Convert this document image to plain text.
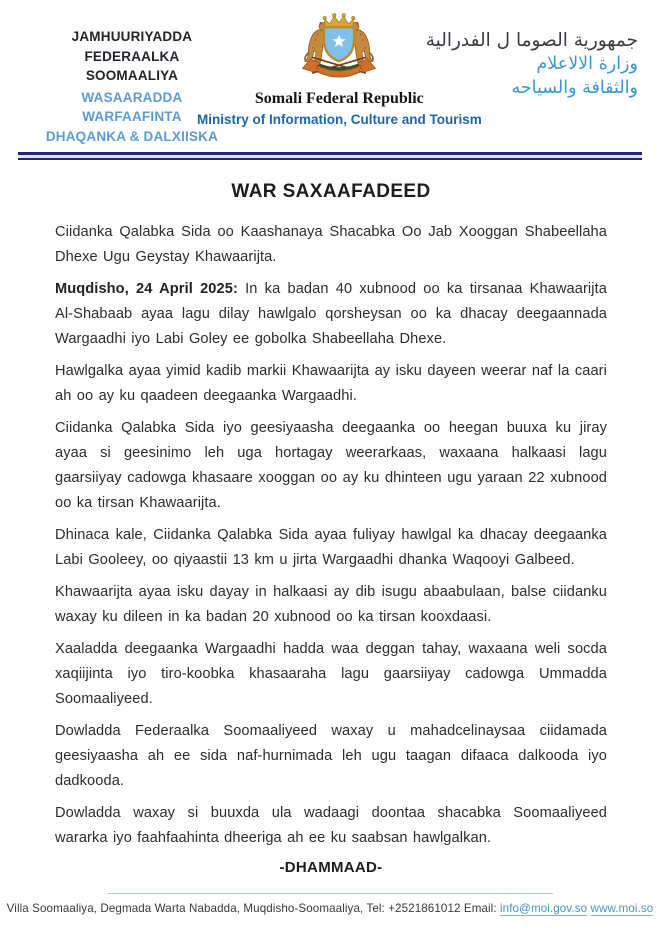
JAMHUURIYADDA FEDERAALKA
SOOMAALIYA
WASAARADDA WARFAAFINTA
DHAQANKA & DALXIISKA
Somali Federal Republic
Ministry of Information, Culture and Tourism
جمهورية الصوما ل الفدرالية
وزارة الالاعلام
والثقافة والسياحه
WAR SAXAAFADEED

Ciidanka Qalabka Sida oo Kaashanaya Shacabka Oo Jab Xooggan Shabeellaha Dhexe Ugu Geystay Khawaarijta.

Muqdisho, 24 April 2025: In ka badan 40 xubnood oo ka tirsanaa Khawaarijta Al-Shabaab ayaa lagu dilay hawlgalo qorsheysan oo ka dhacay deegaannada Wargaadhi iyo Labi Goley ee gobolka Shabeellaha Dhexe.

Hawlgalka ayaa yimid kadib markii Khawaarijta ay isku dayeen weerar naf la caari ah oo ay ku qaadeen deegaanka Wargaadhi.

Ciidanka Qalabka Sida iyo geesiyaasha deegaanka oo heegan buuxa ku jiray ayaa si geesinimo leh uga hortagay weerarkaas, waxaana halkaasi lagu gaarsiiyay cadowga khasaare xooggan oo ay ku dhinteen ugu yaraan 22 xubnood oo ka tirsan Khawaarijta.

Dhinaca kale, Ciidanka Qalabka Sida ayaa fuliyay hawlgal ka dhacay deegaanka Labi Gooleey, oo qiyaastii 13 km u jirta Wargaadhi dhanka Waqooyi Galbeed.

Khawaarijta ayaa isku dayay in halkaasi ay dib isugu abaabulaan, balse ciidanku waxay ku dileen in ka badan 20 xubnood oo ka tirsan kooxdaasi.

Xaaladda deegaanka Wargaadhi hadda waa deggan tahay, waxaana weli socda xaqiijinta iyo tiro-koobka khasaaraha lagu gaarsiiyay cadowga Ummadda Soomaaliyeed.

Dowladda Federaalka Soomaaliyeed waxay u mahadcelinaysaa ciidamada geesiyaasha ah ee sida naf-hurnimada leh ugu taagan difaaca dalkooda iyo dadkooda.

Dowladda waxay si buuxda ula wadaagi doontaa shacabka Soomaaliyeed wararka iyo faahfaahinta dheeriga ah ee ku saabsan hawlgalkan.

-DHAMMAAD-
Villa Soomaaliya, Degmada Warta Nabadda, Muqdisho-Soomaaliya, Tel: +2521861012 Email: info@moi.gov.so www.moi.so
